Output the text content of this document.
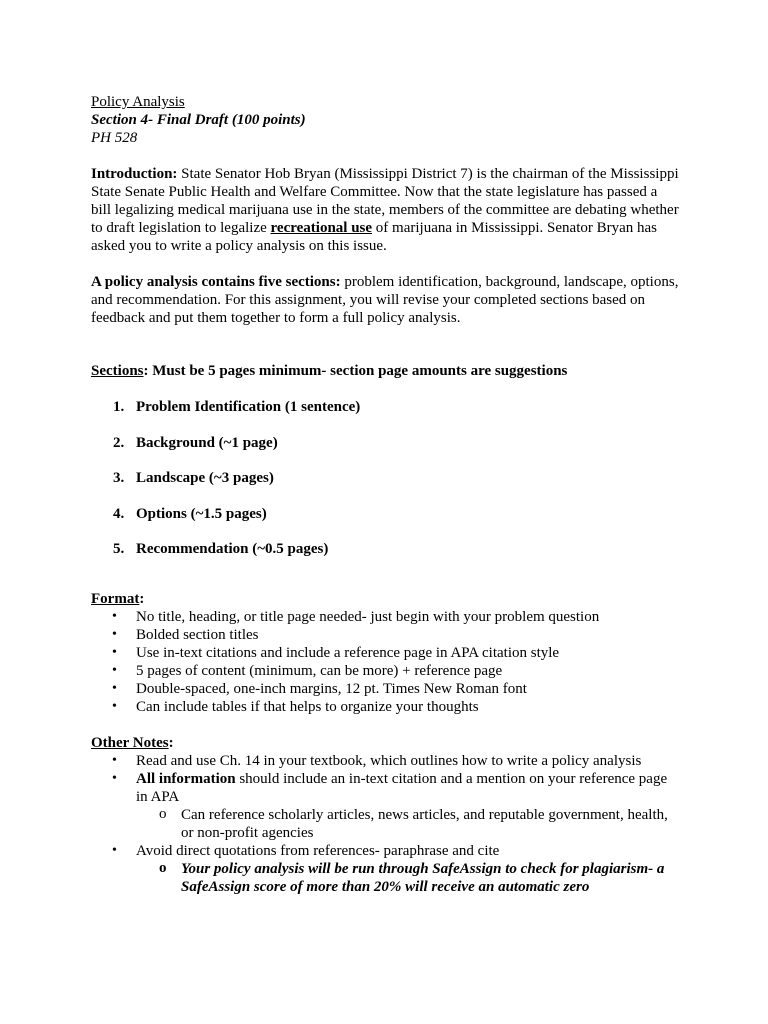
Policy Analysis

Section 4- Final Draft (100 points)

PH 528

Introduction: State Senator Hob Bryan (Mississippi District 7) is the chairman of the Mississippi State Senate Public Health and Welfare Committee. Now that the state legislature has passed a bill legalizing medical marijuana use in the state, members of the committee are debating whether to draft legislation to legalize recreational use of marijuana in Mississippi. Senator Bryan has asked you to write a policy analysis on this issue.

A policy analysis contains five sections: problem identification, background, landscape, options, and recommendation. For this assignment, you will revise your completed sections based on feedback and put them together to form a full policy analysis.

Sections: Must be 5 pages minimum- section page amounts are suggestions

1. Problem Identification (1 sentence)
2. Background (~1 page)
3. Landscape (~3 pages)
4. Options (~1.5 pages)
5. Recommendation (~0.5 pages)

Format:

• No title, heading, or title page needed- just begin with your problem question
• Bolded section titles
• Use in-text citations and include a reference page in APA citation style
• 5 pages of content (minimum, can be more) + reference page
• Double-spaced, one-inch margins, 12 pt. Times New Roman font
• Can include tables if that helps to organize your thoughts

Other Notes:

• Read and use Ch. 14 in your textbook, which outlines how to write a policy analysis
• All information should include an in-text citation and a mention on your reference page in APA
o Can reference scholarly articles, news articles, and reputable government, health, or non-profit agencies
• Avoid direct quotations from references- paraphrase and cite
o Your policy analysis will be run through SafeAssign to check for plagiarism- a SafeAssign score of more than 20% will receive an automatic zero
